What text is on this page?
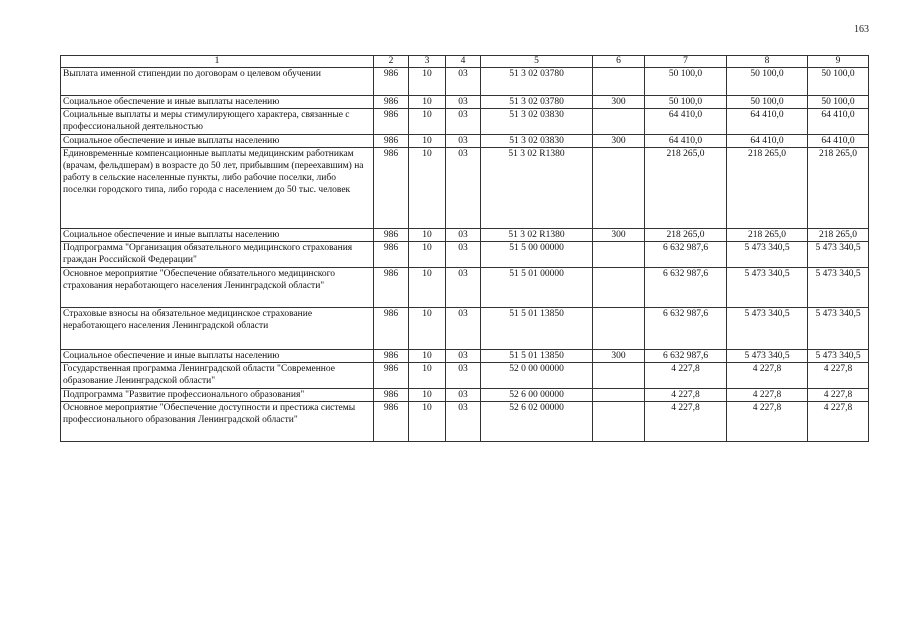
163
1	2	3	4	5	6	7	8	9
Выплата именной стипендии по договорам о целевом обучении	986	10	03	51 3 02 03780		50 100,0	50 100,0	50 100,0
Социальное обеспечение и иные выплаты населению	986	10	03	51 3 02 03780	300	50 100,0	50 100,0	50 100,0
Социальные выплаты и меры стимулирующего характера, связанные с профессиональной деятельностью	986	10	03	51 3 02 03830		64 410,0	64 410,0	64 410,0
Социальное обеспечение и иные выплаты населению	986	10	03	51 3 02 03830	300	64 410,0	64 410,0	64 410,0
Единовременные компенсационные выплаты медицинским работникам (врачам, фельдшерам) в возрасте до 50 лет, прибывшим (переехавшим) на работу в сельские населенные пункты, либо рабочие поселки, либо поселки городского типа, либо города с населением до 50 тыс. человек	986	10	03	51 3 02 R1380		218 265,0	218 265,0	218 265,0
Социальное обеспечение и иные выплаты населению	986	10	03	51 3 02 R1380	300	218 265,0	218 265,0	218 265,0
Подпрограмма "Организация обязательного медицинского страхования граждан Российской Федерации"	986	10	03	51 5 00 00000		6 632 987,6	5 473 340,5	5 473 340,5
Основное мероприятие "Обеспечение обязательного медицинского страхования неработающего населения Ленинградской области"	986	10	03	51 5 01 00000		6 632 987,6	5 473 340,5	5 473 340,5
Страховые взносы на обязательное медицинское страхование неработающего населения Ленинградской области	986	10	03	51 5 01 13850		6 632 987,6	5 473 340,5	5 473 340,5
Социальное обеспечение и иные выплаты населению	986	10	03	51 5 01 13850	300	6 632 987,6	5 473 340,5	5 473 340,5
Государственная программа Ленинградской области "Современное образование Ленинградской области"	986	10	03	52 0 00 00000		4 227,8	4 227,8	4 227,8
Подпрограмма "Развитие профессионального образования"	986	10	03	52 6 00 00000		4 227,8	4 227,8	4 227,8
Основное мероприятие "Обеспечение доступности и престижа системы профессионального образования Ленинградской области"	986	10	03	52 6 02 00000		4 227,8	4 227,8	4 227,8
